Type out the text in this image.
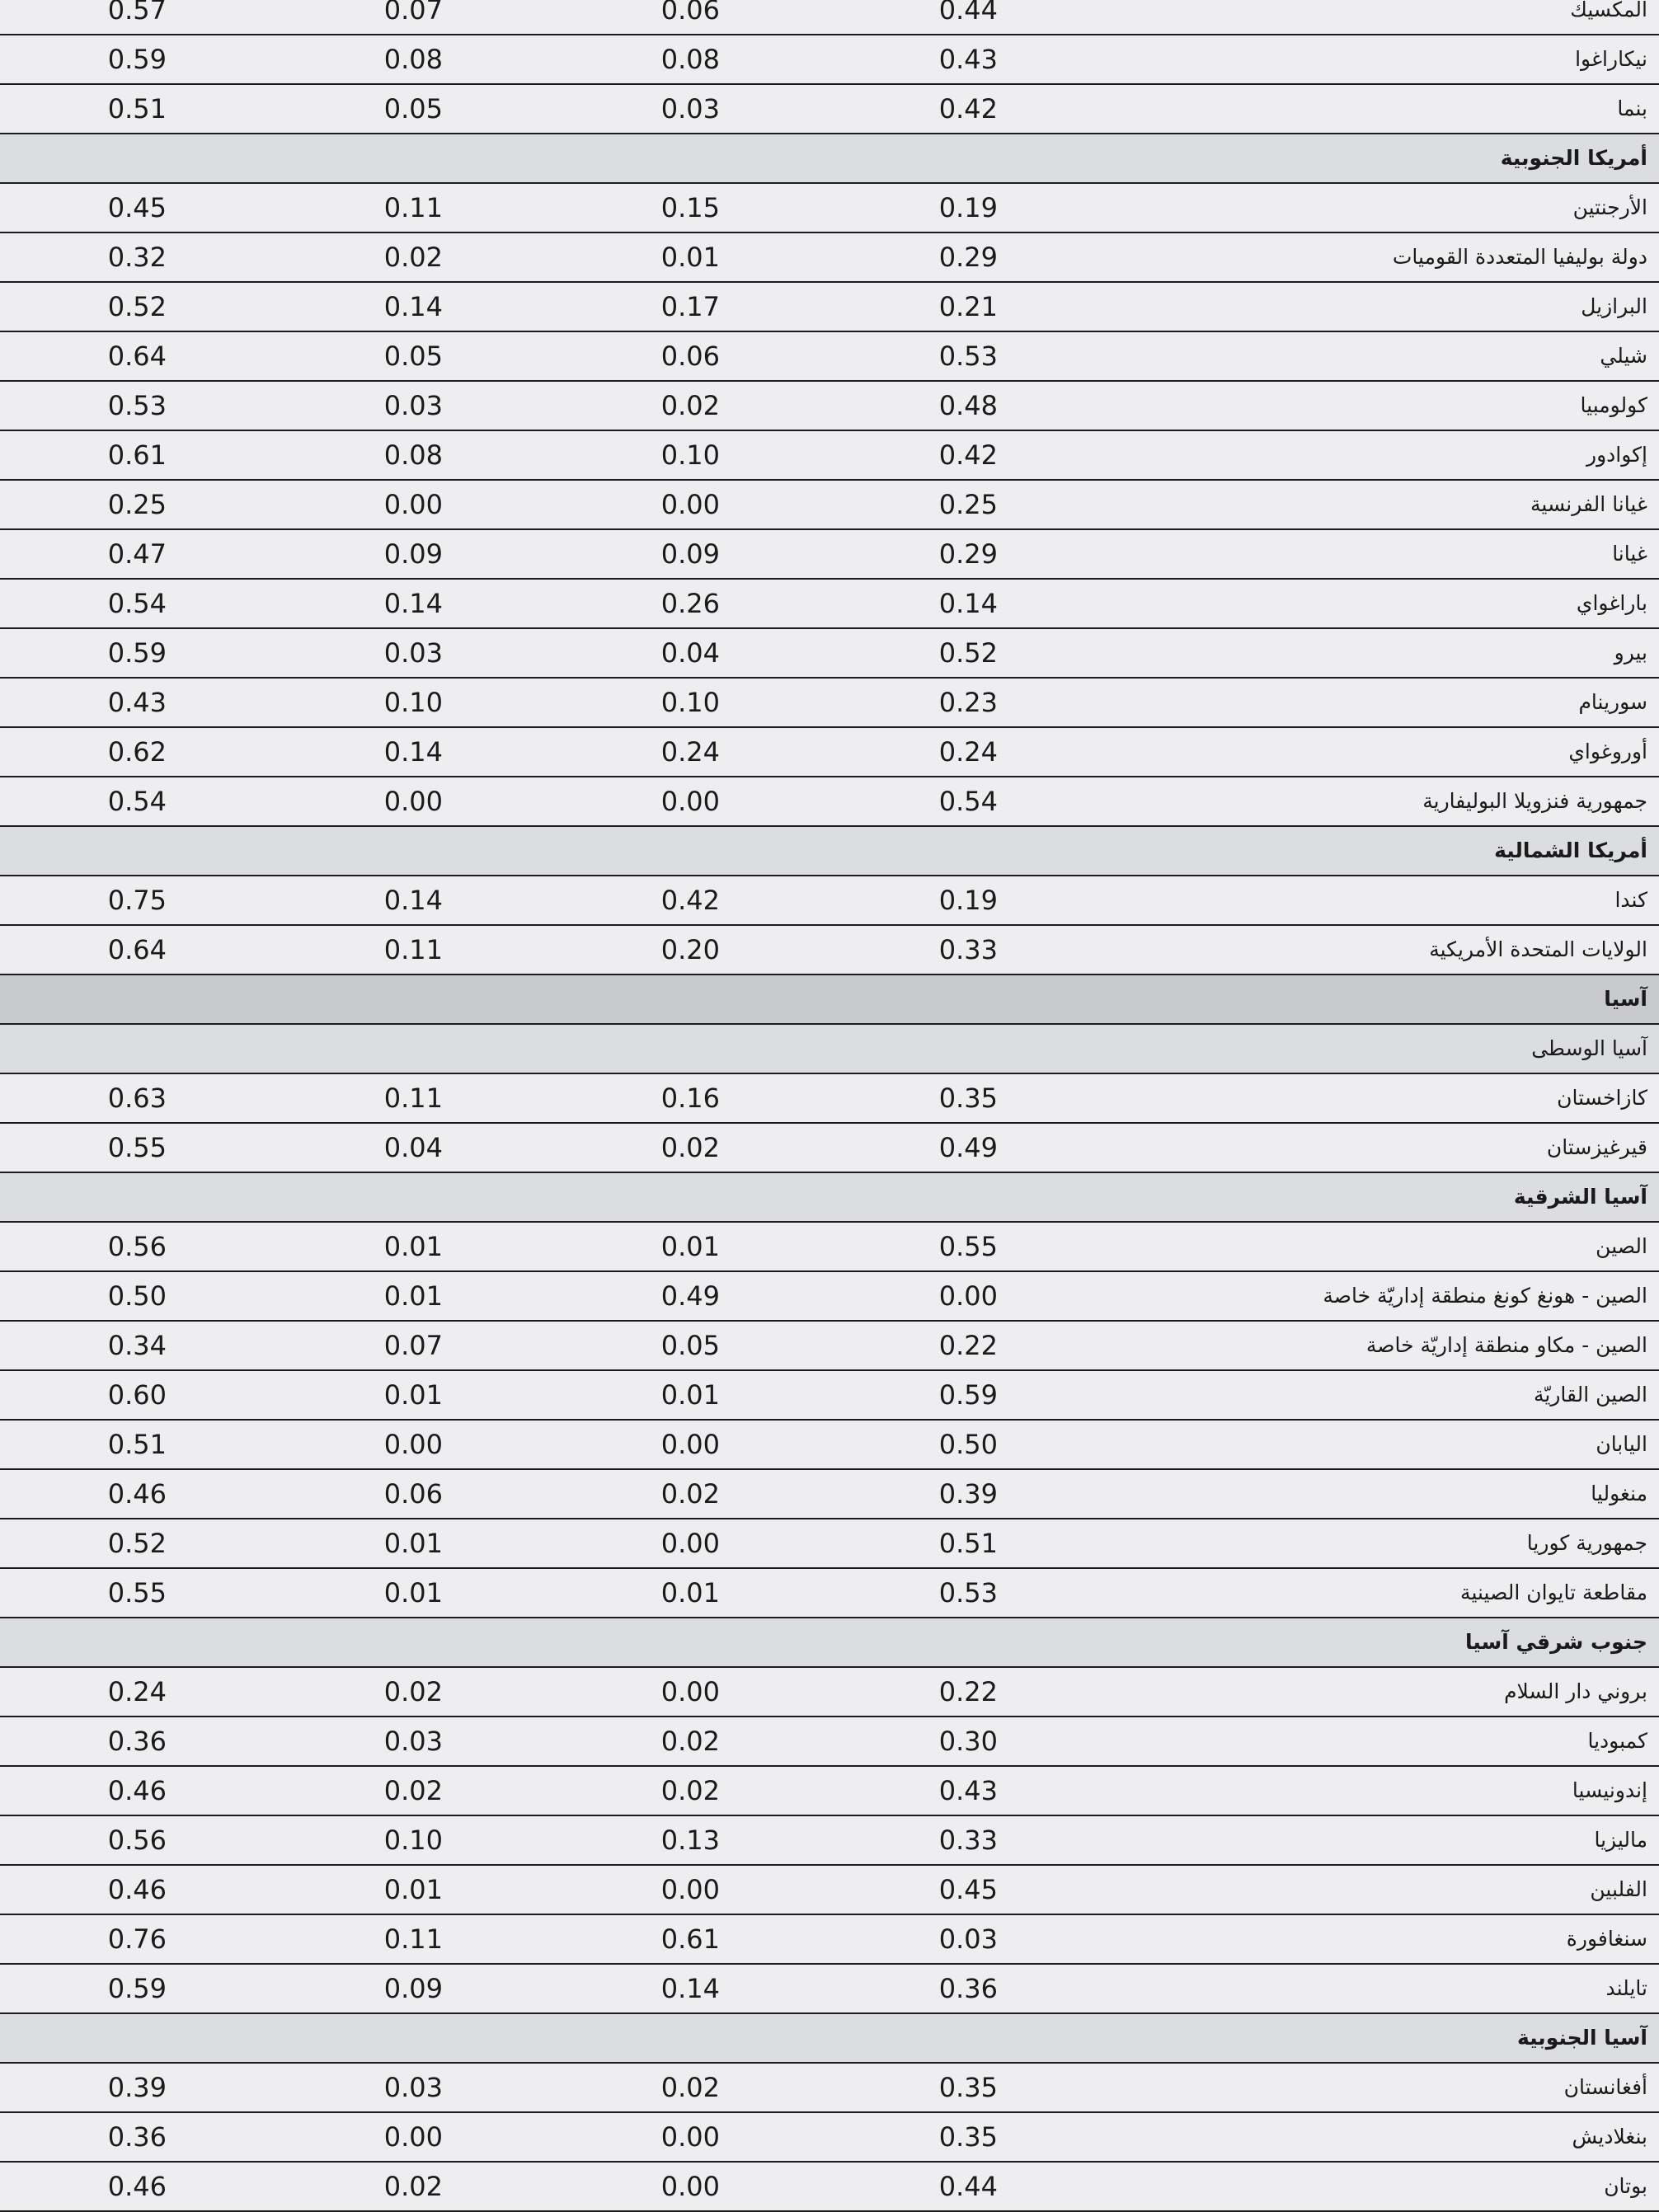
المكسيك
0.44
0.06
0.07
0.57
نيكاراغوا
0.43
0.08
0.08
0.59
بنما
0.42
0.03
0.05
0.51
أمريكا الجنوبية
الأرجنتين
0.19
0.15
0.11
0.45
دولة بوليفيا المتعددة القوميات
0.29
0.01
0.02
0.32
البرازيل
0.21
0.17
0.14
0.52
شيلي
0.53
0.06
0.05
0.64
كولومبيا
0.48
0.02
0.03
0.53
إكوادور
0.42
0.10
0.08
0.61
غيانا الفرنسية
0.25
0.00
0.00
0.25
غيانا
0.29
0.09
0.09
0.47
باراغواي
0.14
0.26
0.14
0.54
بيرو
0.52
0.04
0.03
0.59
سورينام
0.23
0.10
0.10
0.43
أوروغواي
0.24
0.24
0.14
0.62
جمهورية فنزويلا البوليفارية
0.54
0.00
0.00
0.54
أمريكا الشمالية
كندا
0.19
0.42
0.14
0.75
الولايات المتحدة الأمريكية
0.33
0.20
0.11
0.64
آسيا
آسيا الوسطى
كازاخستان
0.35
0.16
0.11
0.63
قيرغيزستان
0.49
0.02
0.04
0.55
آسيا الشرقية
الصين
0.55
0.01
0.01
0.56
الصين - هونغ كونغ منطقة إداريّة خاصة
0.00
0.49
0.01
0.50
الصين - مكاو منطقة إداريّة خاصة
0.22
0.05
0.07
0.34
الصين القاريّة
0.59
0.01
0.01
0.60
اليابان
0.50
0.00
0.00
0.51
منغوليا
0.39
0.02
0.06
0.46
جمهورية كوريا
0.51
0.00
0.01
0.52
مقاطعة تايوان الصينية
0.53
0.01
0.01
0.55
جنوب شرقي آسيا
بروني دار السلام
0.22
0.00
0.02
0.24
كمبوديا
0.30
0.02
0.03
0.36
إندونيسيا
0.43
0.02
0.02
0.46
ماليزيا
0.33
0.13
0.10
0.56
الفلبين
0.45
0.00
0.01
0.46
سنغافورة
0.03
0.61
0.11
0.76
تايلند
0.36
0.14
0.09
0.59
آسيا الجنوبية
أفغانستان
0.35
0.02
0.03
0.39
بنغلاديش
0.35
0.00
0.00
0.36
بوتان
0.44
0.00
0.02
0.46
